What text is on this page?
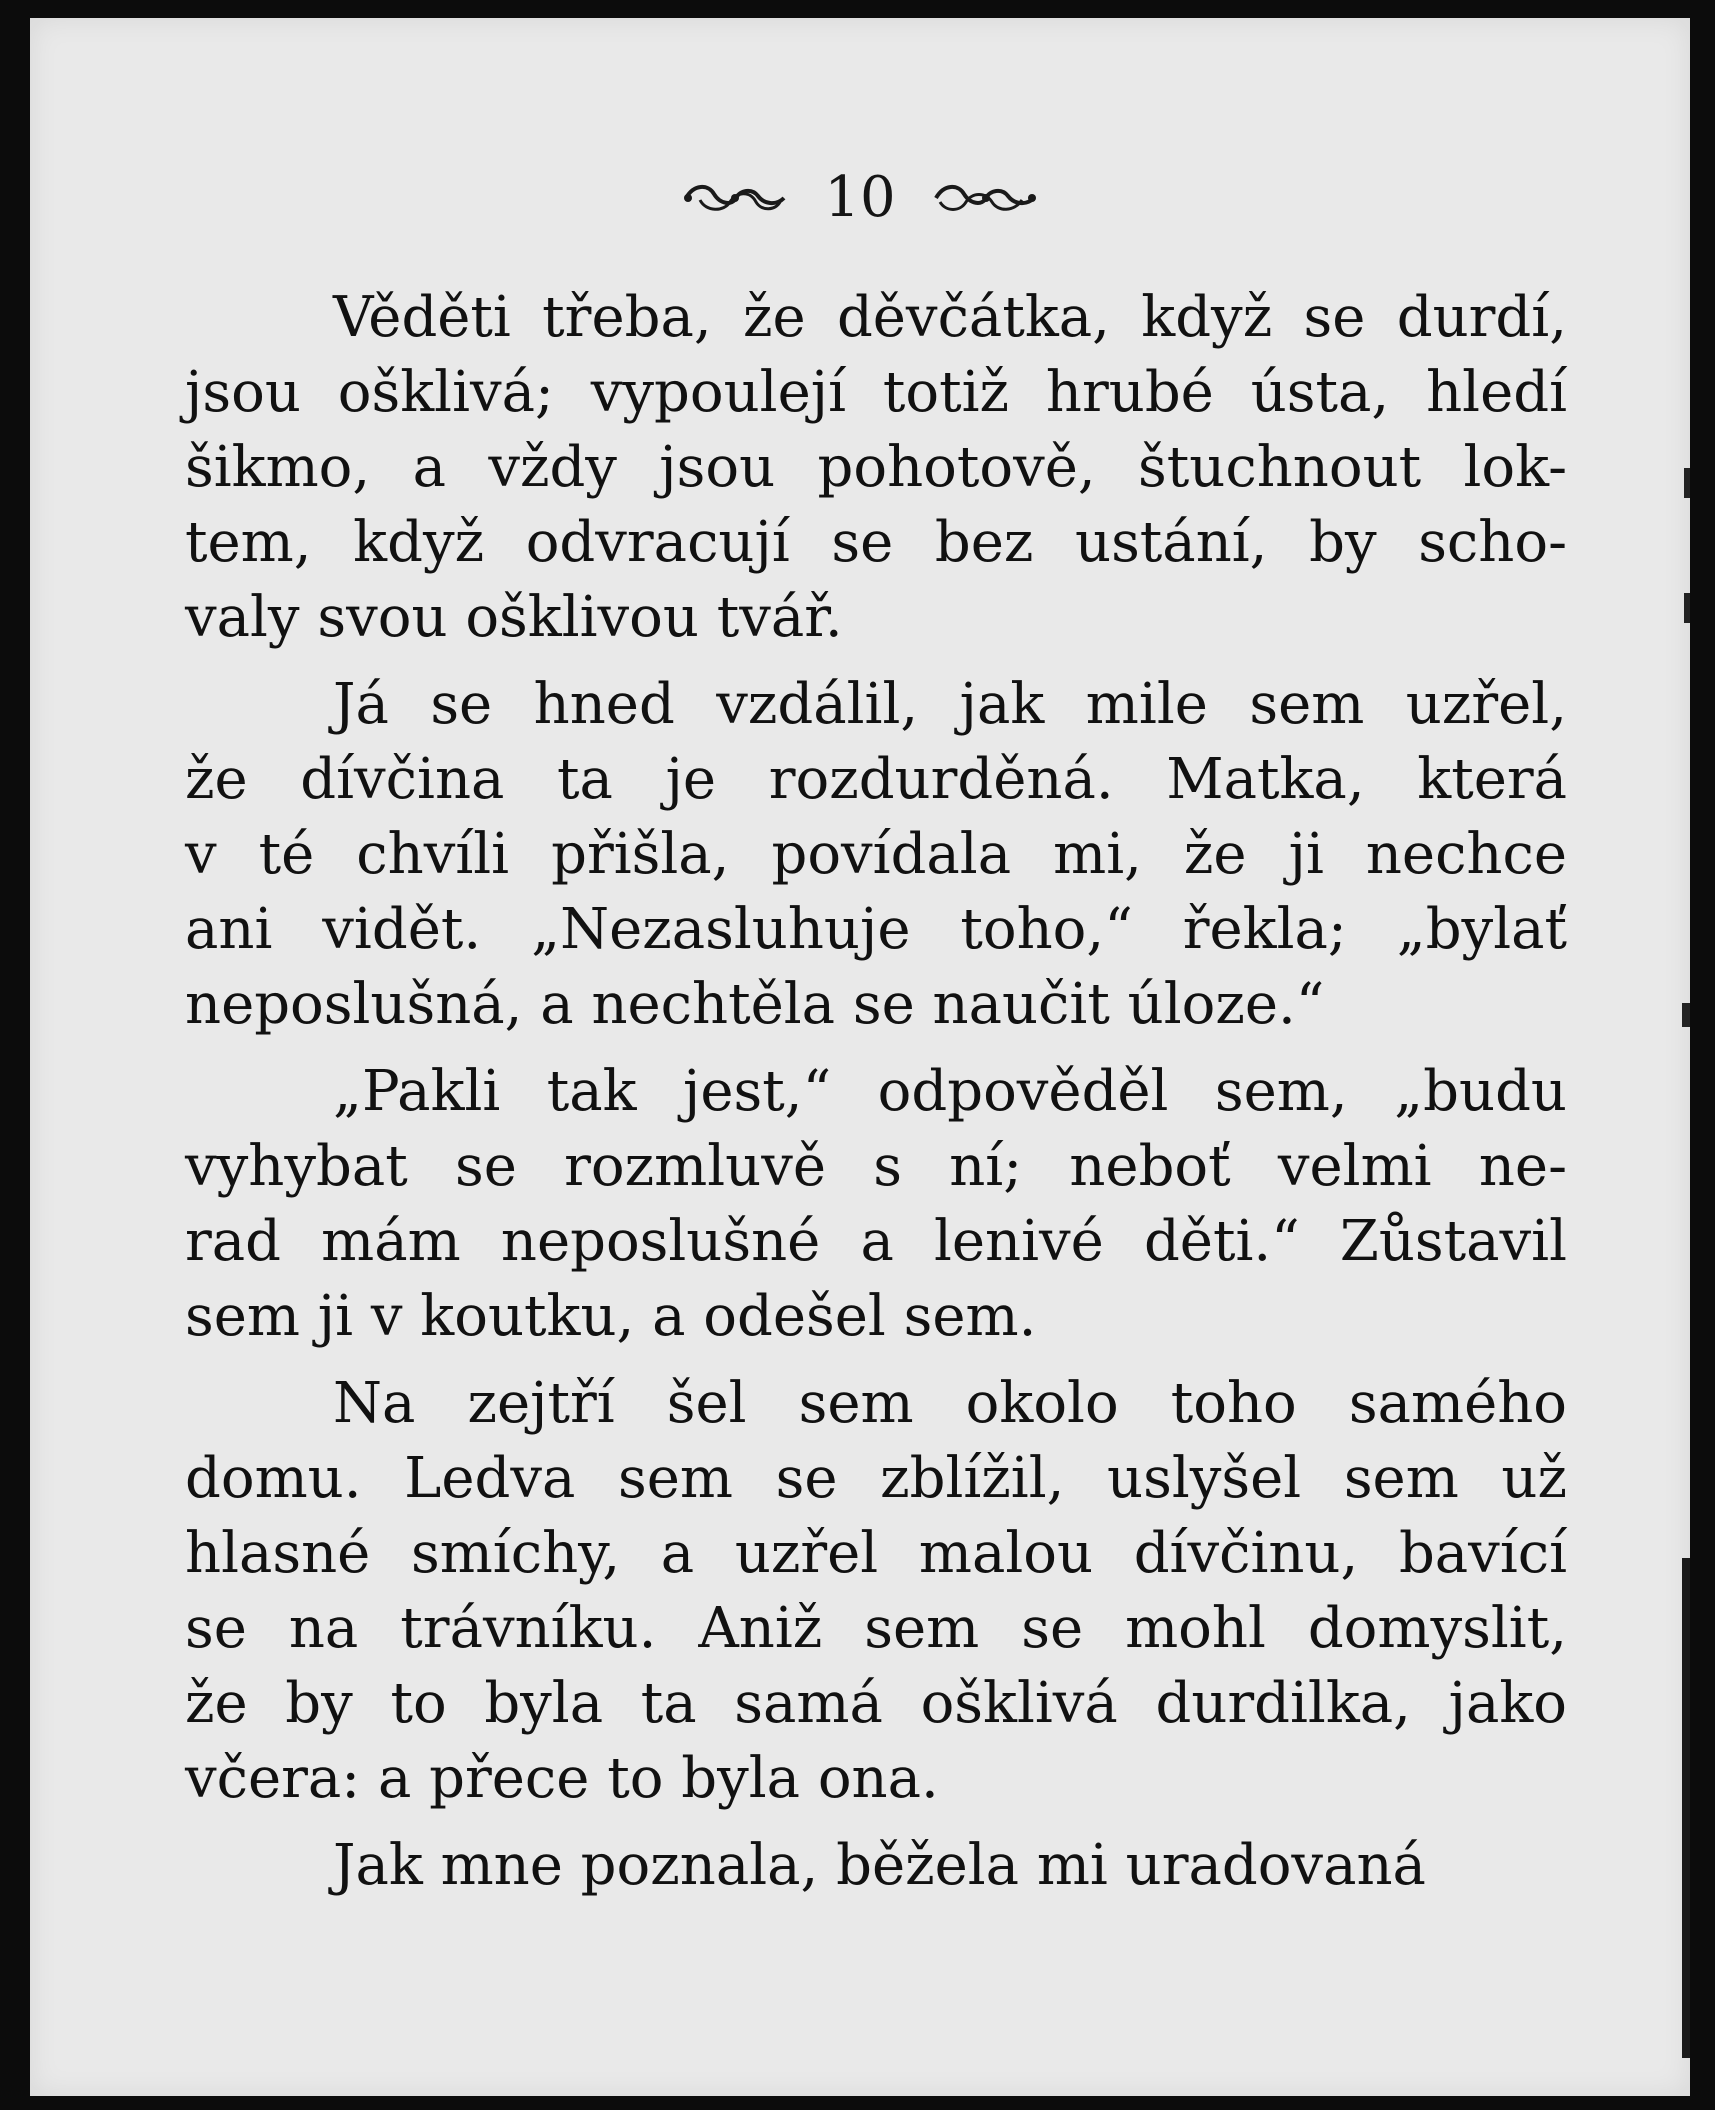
10
Věděti třeba, že děvčátka, když se durdí,
jsou ošklivá; vypoulejí totiž hrubé ústa, hledí
šikmo, a vždy jsou pohotově, štuchnout lok-
tem, když odvracují se bez ustání, by scho-
valy svou ošklivou tvář.
Já se hned vzdálil, jak mile sem uzřel,
že dívčina ta je rozdurděná. Matka, která
v té chvíli přišla, povídala mi, že ji nechce
ani vidět. „Nezasluhuje toho,“ řekla; „bylať
neposlušná, a nechtěla se naučit úloze.“
„Pakli tak jest,“ odpověděl sem, „budu
vyhybat se rozmluvě s ní; neboť velmi ne-
rad mám neposlušné a lenivé děti.“ Zůstavil
sem ji v koutku, a odešel sem.
Na zejtří šel sem okolo toho samého
domu. Ledva sem se zblížil, uslyšel sem už
hlasné smíchy, a uzřel malou dívčinu, bavící
se na trávníku. Aniž sem se mohl domyslit,
že by to byla ta samá ošklivá durdilka, jako
včera: a přece to byla ona.
Jak mne poznala, běžela mi uradovaná
